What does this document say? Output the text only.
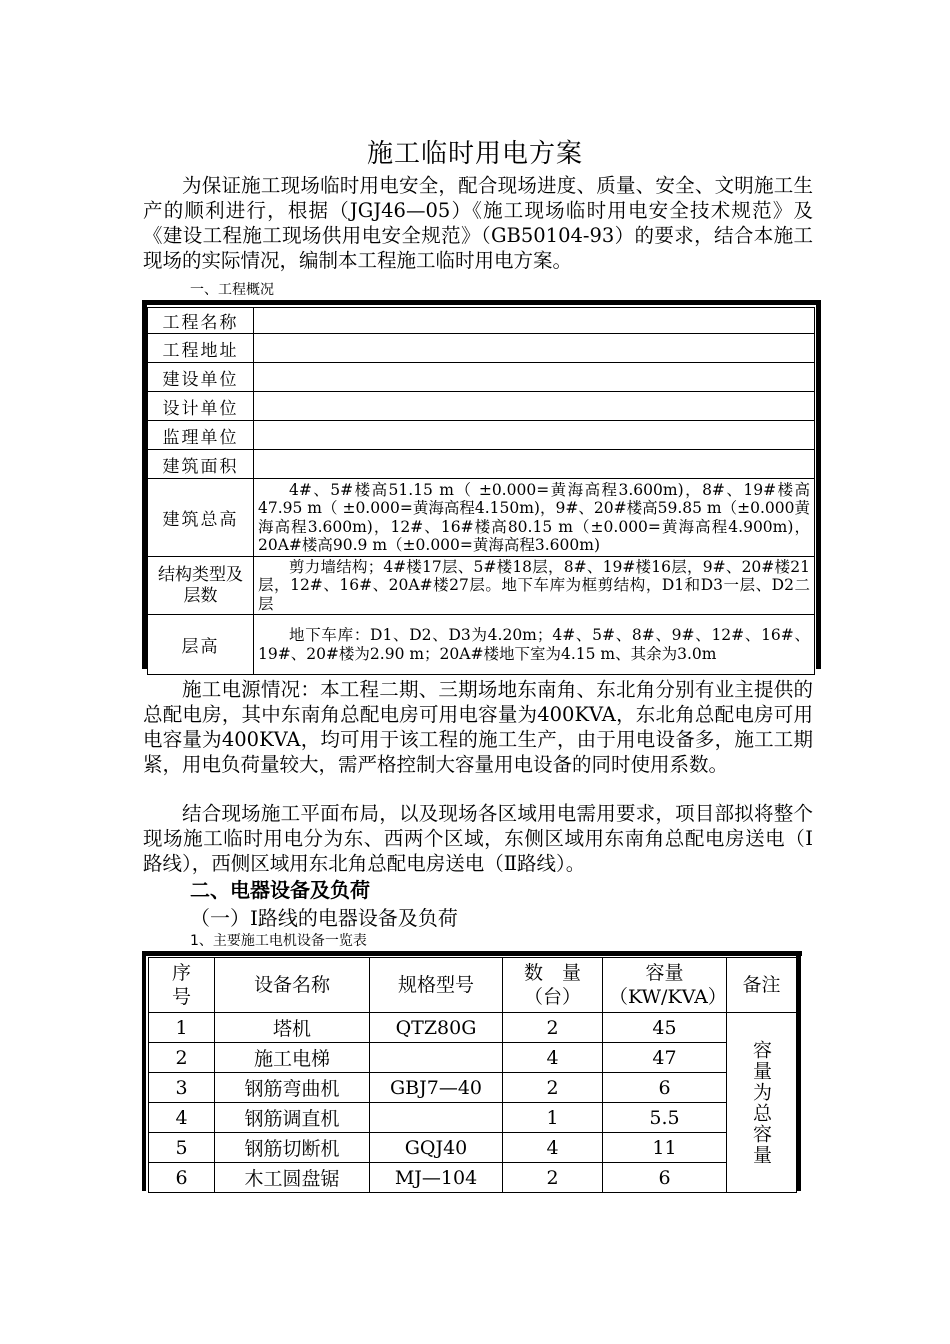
施工临时用电方案

为保证施工现场临时用电安全，配合现场进度、质量、安全、文明施工生产的顺利进行，根据（JGJ46—05）《施工现场临时用电安全技术规范》及《建设工程施工现场供用电安全规范》（GB50104-93）的要求，结合本施工现场的实际情况，编制本工程施工临时用电方案。

一、工程概况
工程名称	
工程地址	
建设单位	
设计单位	
监理单位	
建筑面积	
建筑总高	4#、5#楼高51.15 m（ ±0.000=黄海高程3.600m)，8#、19#楼高47.95 m（ ±0.000=黄海高程4.150m)，9#、20#楼高59.85 m（±0.000黄海高程3.600m)，12#、16#楼高80.15 m（±0.000=黄海高程4.900m)，20A#楼高90.9 m（±0.000=黄海高程3.600m)
结构类型及层数	剪力墙结构；4#楼17层、5#楼18层，8#、19#楼16层，9#、20#楼21层，12#、16#、20A#楼27层。地下车库为框剪结构，D1和D3一层、D2二层
层高	地下车库：D1、D2、D3为4.20m；4#、5#、8#、9#、12#、16#、19#、20#楼为2.90 m；20A#楼地下室为4.15 m、其余为3.0m

施工电源情况：本工程二期、三期场地东南角、东北角分别有业主提供的总配电房，其中东南角总配电房可用电容量为400KVA，东北角总配电房可用电容量为400KVA，均可用于该工程的施工生产，由于用电设备多，施工工期紧，用电负荷量较大，需严格控制大容量用电设备的同时使用系数。

结合现场施工平面布局，以及现场各区域用电需用要求，项目部拟将整个现场施工临时用电分为东、西两个区域，东侧区域用东南角总配电房送电（Ⅰ路线），西侧区域用东北角总配电房送电（Ⅱ路线）。

二、电器设备及负荷
（一）Ⅰ路线的电器设备及负荷
1、主要施工电机设备一览表
序号	设备名称	规格型号	数　量（台）	容量（KW/KVA）	备注
1	塔机	QTZ80G	2	45	容量为总容量

2	施工电梯		4	47	
3	钢筋弯曲机	GBJ7—40	2	6	
4	钢筋调直机		1	5.5	
5	钢筋切断机	GQJ40	4	11	
6	木工圆盘锯	MJ—104	2	6	
